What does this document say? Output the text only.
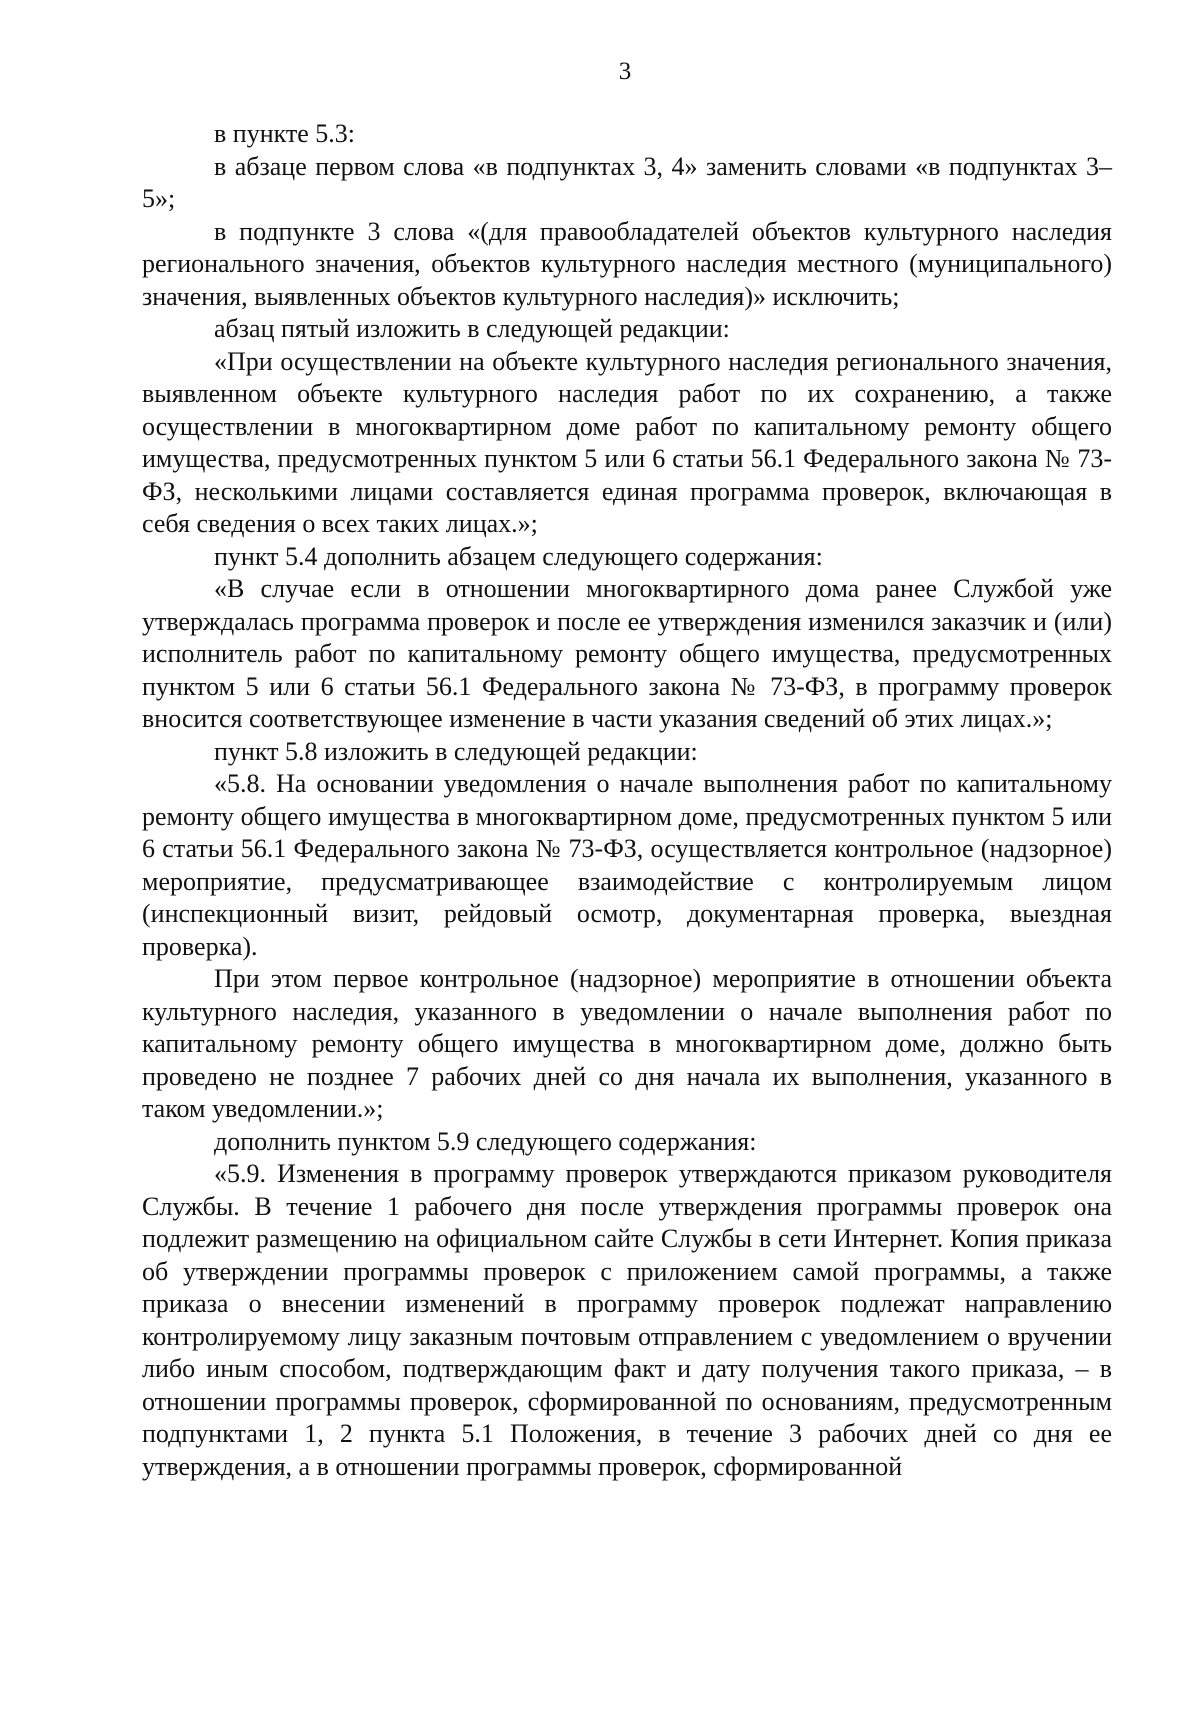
3

в пункте 5.3:

в абзаце первом слова «в подпунктах 3, 4» заменить словами «в подпунктах 3–5»;

в подпункте 3 слова «(для правообладателей объектов культурного наследия регионального значения, объектов культурного наследия местного (муниципального) значения, выявленных объектов культурного наследия)» исключить;

абзац пятый изложить в следующей редакции:

«При осуществлении на объекте культурного наследия регионального значения, выявленном объекте культурного наследия работ по их сохранению, а также осуществлении в многоквартирном доме работ по капитальному ремонту общего имущества, предусмотренных пунктом 5 или 6 статьи 56.1 Федерального закона № 73-ФЗ, несколькими лицами составляется единая программа проверок, включающая в себя сведения о всех таких лицах.»;

пункт 5.4 дополнить абзацем следующего содержания:

«В случае если в отношении многоквартирного дома ранее Службой уже утверждалась программа проверок и после ее утверждения изменился заказчик и (или) исполнитель работ по капитальному ремонту общего имущества, предусмотренных пунктом 5 или 6 статьи 56.1 Федерального закона № 73-ФЗ, в программу проверок вносится соответствующее изменение в части указания сведений об этих лицах.»;

пункт 5.8 изложить в следующей редакции:

«5.8. На основании уведомления о начале выполнения работ по капитальному ремонту общего имущества в многоквартирном доме, предусмотренных пунктом 5 или 6 статьи 56.1 Федерального закона № 73-ФЗ, осуществляется контрольное (надзорное) мероприятие, предусматривающее взаимодействие с контролируемым лицом (инспекционный визит, рейдовый осмотр, документарная проверка, выездная проверка).

При этом первое контрольное (надзорное) мероприятие в отношении объекта культурного наследия, указанного в уведомлении о начале выполнения работ по капитальному ремонту общего имущества в многоквартирном доме, должно быть проведено не позднее 7 рабочих дней со дня начала их выполнения, указанного в таком уведомлении.»;

дополнить пунктом 5.9 следующего содержания:

«5.9. Изменения в программу проверок утверждаются приказом руководителя Службы. В течение 1 рабочего дня после утверждения программы проверок она подлежит размещению на официальном сайте Службы в сети Интернет. Копия приказа об утверждении программы проверок с приложением самой программы, а также приказа о внесении изменений в программу проверок подлежат направлению контролируемому лицу заказным почтовым отправлением с уведомлением о вручении либо иным способом, подтверждающим факт и дату получения такого приказа, – в отношении программы проверок, сформированной по основаниям, предусмотренным подпунктами 1, 2 пункта 5.1 Положения, в течение 3 рабочих дней со дня ее утверждения, а в отношении программы проверок, сформированной
